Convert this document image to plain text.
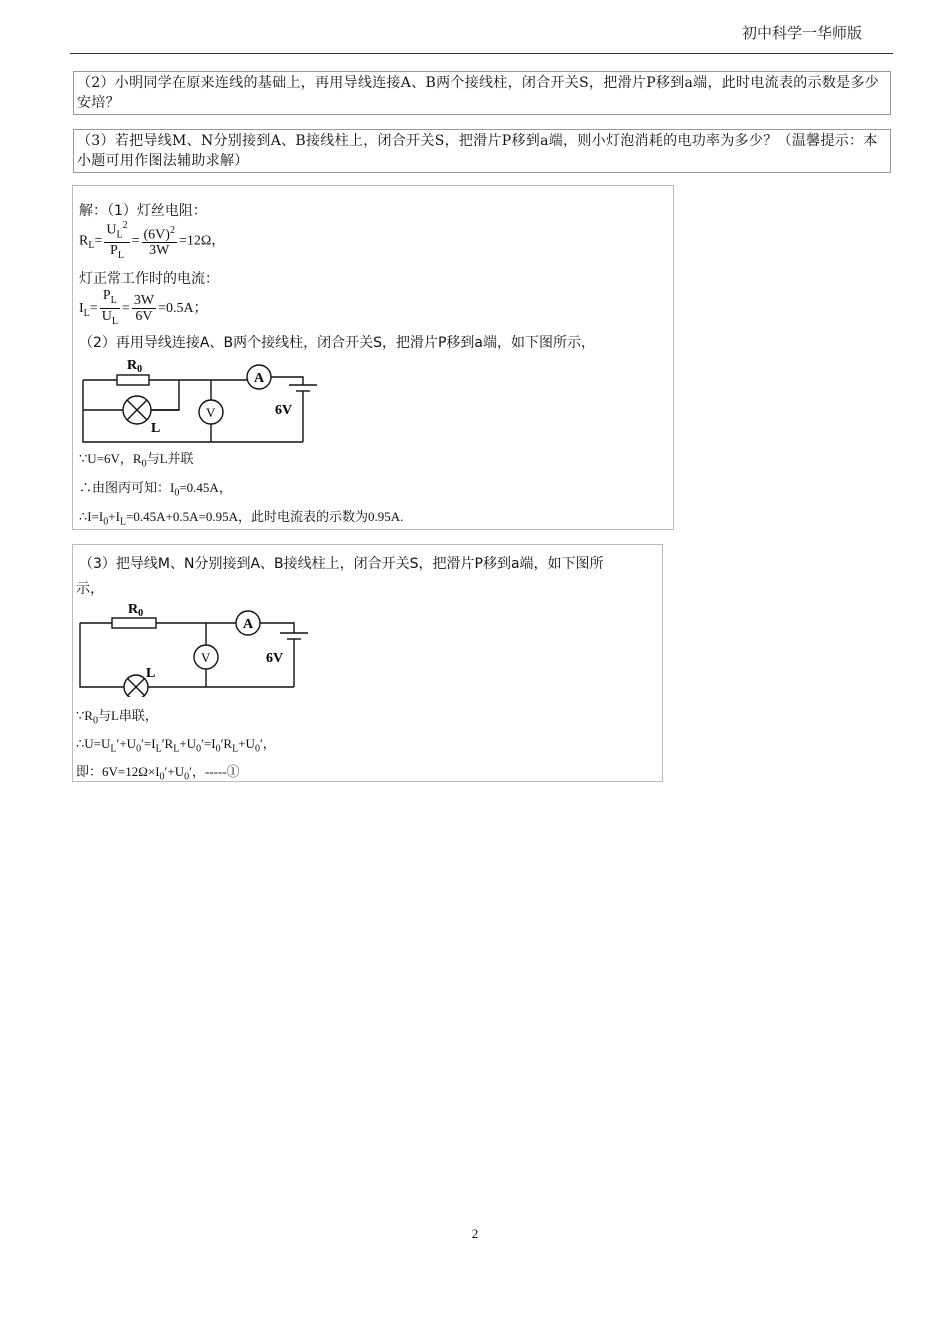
初中科学一华师版
（2）小明同学在原来连线的基础上，再用导线连接A、B两个接线柱，闭合开关S，把滑片P移到a端，此时电流表的示数是多少安培？
（3）若把导线M、N分别接到A、B接线柱上，闭合开关S，把滑片P移到a端，则小灯泡消耗的电功率为多少？（温馨提示：本小题可用作图法辅助求解）
解：（1）灯丝电阻：
$R_L= \frac{U_L^2}{P_L} = \frac{(6V)^2}{3W} =12\Omega$，
灯正常工作时的电流：
$I_L= \frac{P_L}{U_L} = \frac{3W}{6V} =0.5A$；
（2）再用导线连接A、B两个接线柱，闭合开关S，把滑片P移到a端，如下图所示，
$R_0$
A
V
L
6V
∵U=6V，$R_0$与L并联
∴由图丙可知：$I_0=0.45A$，
$\therefore I=I_0+I_L=0.45A+0.5A=0.95A$，此时电流表的示数为0.95A.
（3）把导线M、N分别接到A、B接线柱上，闭合开关S，把滑片P移到a端，如下图所
示，
$R_0$
A
V
L
6V
$\because R_0$与L串联，
$\therefore U=U_L'+U_0'=I_L'R_L+U_0'=I_0'R_L+U_0'$，
即：$6V=12\Omega\times I_0'+U_0'$，-----①
2
